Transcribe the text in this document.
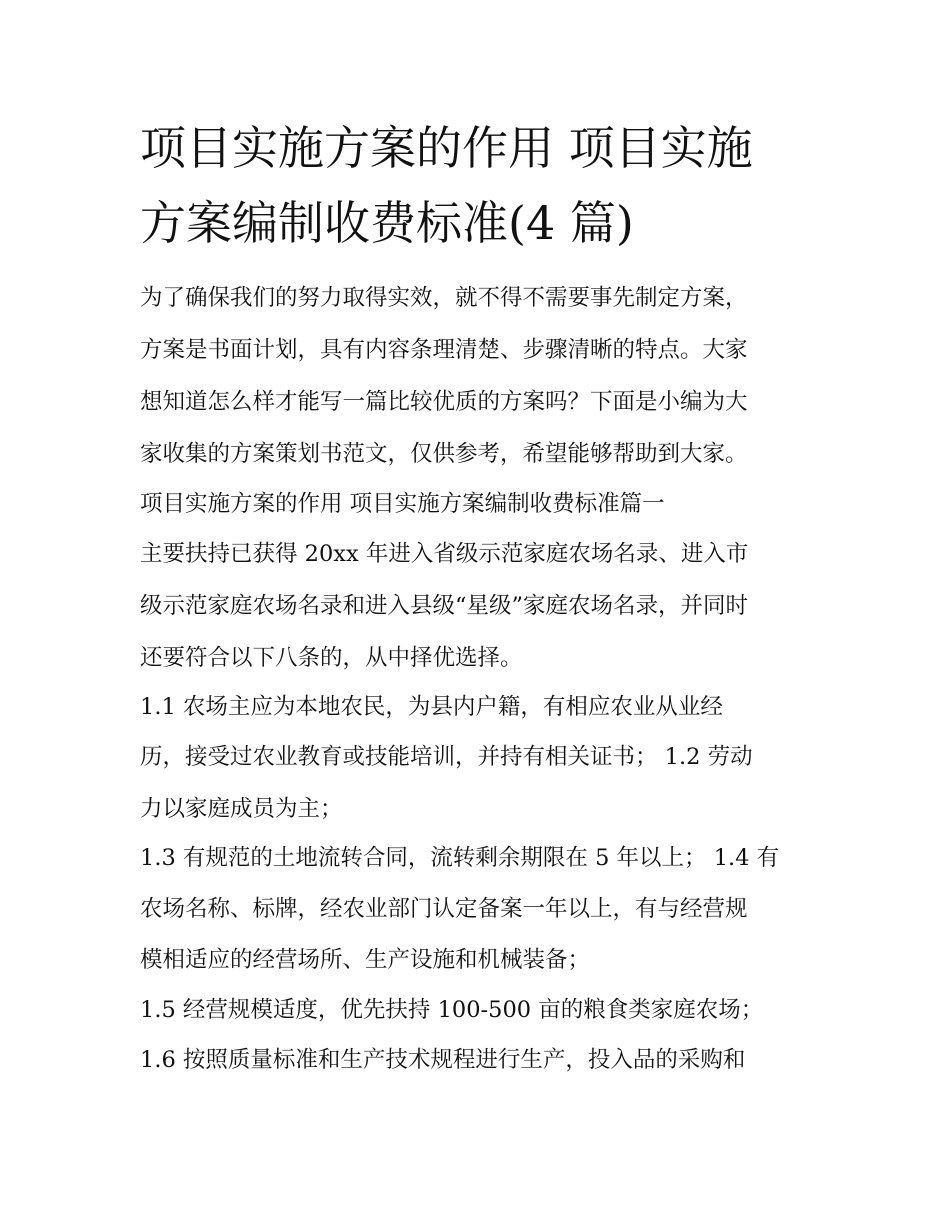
项目实施方案的作用 项目实施
方案编制收费标准(4 篇)

为了确保我们的努力取得实效，就不得不需要事先制定方案，

方案是书面计划，具有内容条理清楚、步骤清晰的特点。大家

想知道怎么样才能写一篇比较优质的方案吗？下面是小编为大

家收集的方案策划书范文，仅供参考，希望能够帮助到大家。

项目实施方案的作用 项目实施方案编制收费标准篇一

主要扶持已获得 20xx 年进入省级示范家庭农场名录、进入市

级示范家庭农场名录和进入县级“星级”家庭农场名录，并同时

还要符合以下八条的，从中择优选择。

1.1 农场主应为本地农民，为县内户籍，有相应农业从业经

历，接受过农业教育或技能培训，并持有相关证书； 1.2 劳动

力以家庭成员为主；

1.3 有规范的土地流转合同，流转剩余期限在 5 年以上； 1.4 有

农场名称、标牌，经农业部门认定备案一年以上，有与经营规

模相适应的经营场所、生产设施和机械装备；

1.5 经营规模适度，优先扶持 100-500 亩的粮食类家庭农场；

1.6 按照质量标准和生产技术规程进行生产，投入品的采购和
